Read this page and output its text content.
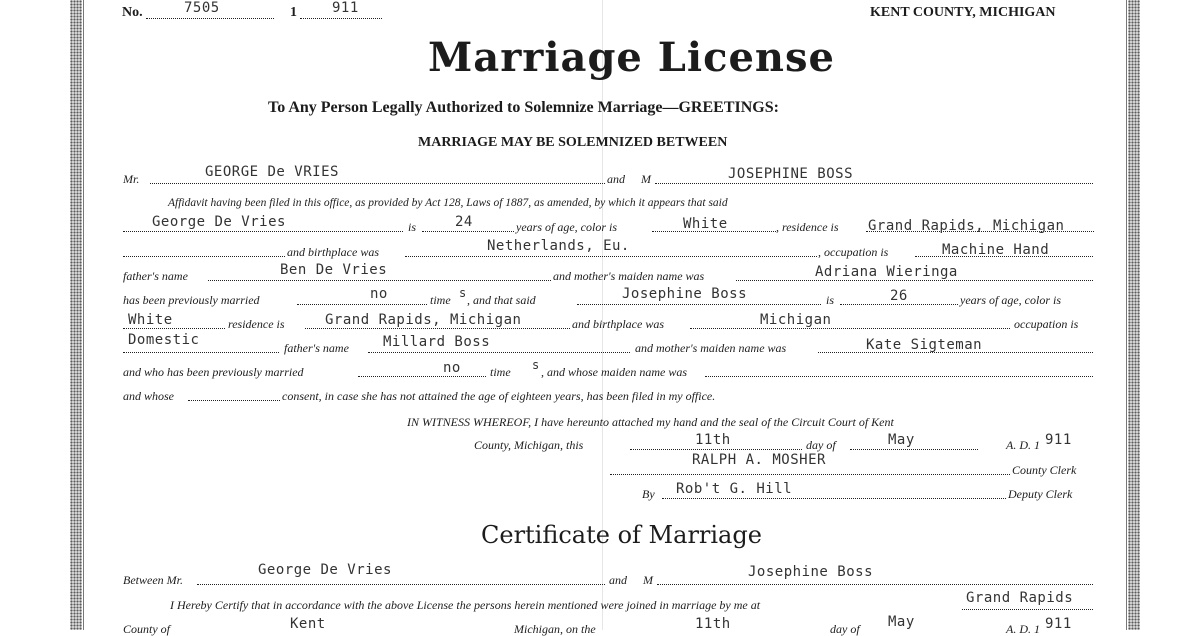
No.	7505	1	911	KENT COUNTY, MICHIGAN
Marriage License
To Any Person Legally Authorized to Solemnize Marriage—GREETINGS:
MARRIAGE MAY BE SOLEMNIZED BETWEEN
Mr.	GEORGE De VRIES	and M	JOSEPHINE BOSS
Affidavit having been filed in this office, as provided by Act 128, Laws of 1887, as amended, by which it appears that said
George De Vries	is	24	years of age, color is	White	, residence is Grand Rapids, Michigan
and birthplace was	Netherlands, Eu.	, occupation is	Machine Hand
father's name	Ben De Vries	and mother's maiden name was	Adriana Wieringa
has been previously married	no	time s , and that said	Josephine Boss	is	26	years of age, color is
White	residence is	Grand Rapids, Michigan	and birthplace was	Michigan	occupation is
Domestic	father's name Millard Boss	and mother's maiden name was	Kate Sigteman
and who has been previously married	no time s , and whose maiden name was
and whose	consent, in case she has not attained the age of eighteen years, has been filed in my office.
IN WITNESS WHEREOF, I have hereunto attached my hand and the seal of the Circuit Court of Kent
County, Michigan, this	11th	day of	May	A. D. 1 911
RALPH A. MOSHER
County Clerk
By Rob't G. Hill	Deputy Clerk
Certificate of Marriage
Between Mr.
George De Vries
and M	Josephine Boss
I Hereby Certify that in accordance with the above License the persons herein mentioned were joined in marriage by me at	Grand Rapids
County of	Kent	Michigan, on the	11th	day of May	A. D. 1 911
